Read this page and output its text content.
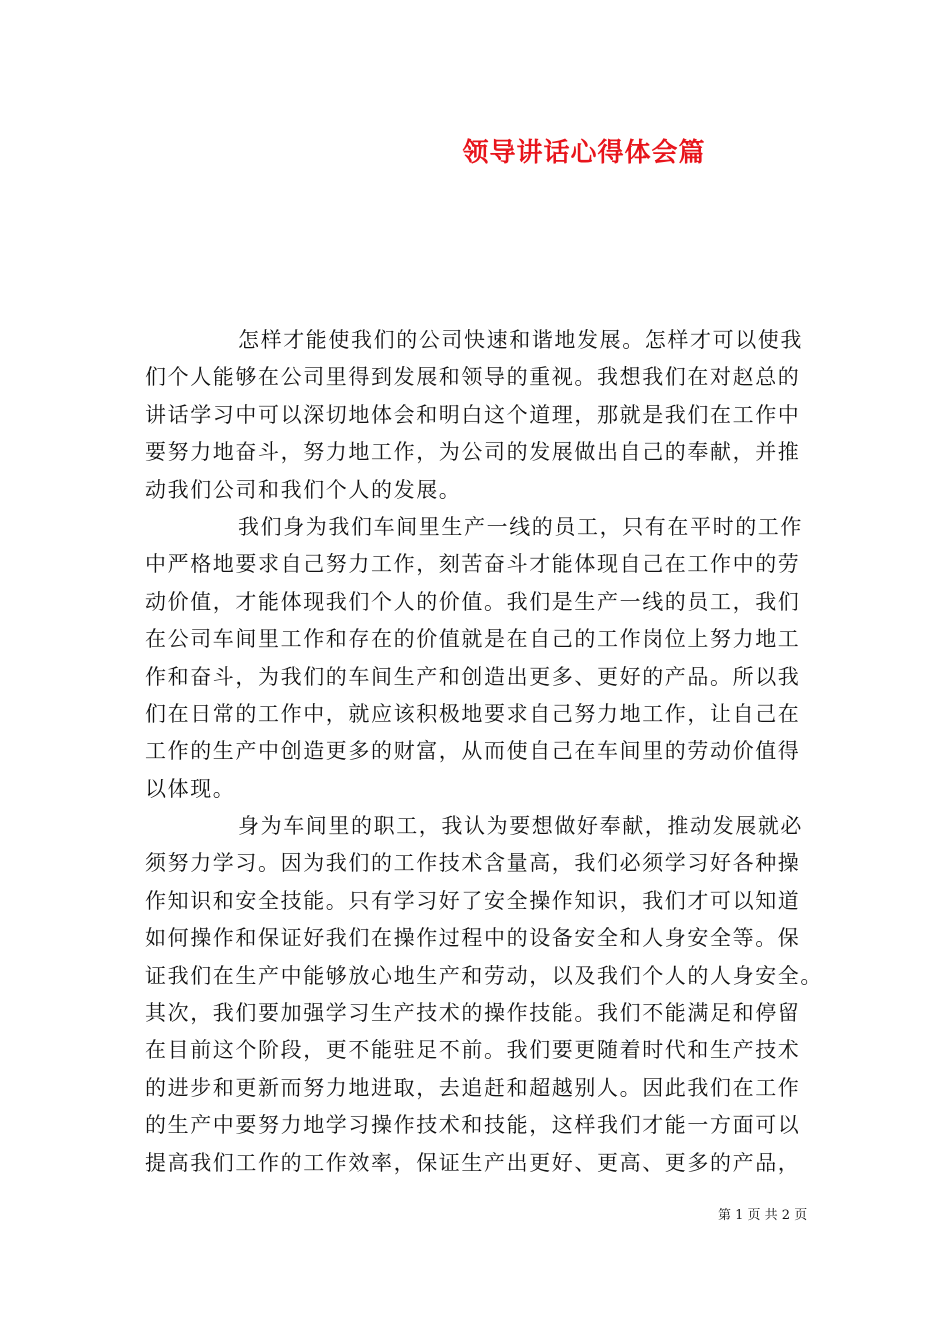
领导讲话心得体会篇
怎样才能使我们的公司快速和谐地发展。怎样才可以使我
们个人能够在公司里得到发展和领导的重视。我想我们在对赵总的
讲话学习中可以深切地体会和明白这个道理，那就是我们在工作中
要努力地奋斗，努力地工作，为公司的发展做出自己的奉献，并推
动我们公司和我们个人的发展。
我们身为我们车间里生产一线的员工，只有在平时的工作
中严格地要求自己努力工作，刻苦奋斗才能体现自己在工作中的劳
动价值，才能体现我们个人的价值。我们是生产一线的员工，我们
在公司车间里工作和存在的价值就是在自己的工作岗位上努力地工
作和奋斗，为我们的车间生产和创造出更多、更好的产品。所以我
们在日常的工作中，就应该积极地要求自己努力地工作，让自己在
工作的生产中创造更多的财富，从而使自己在车间里的劳动价值得
以体现。
身为车间里的职工，我认为要想做好奉献，推动发展就必
须努力学习。因为我们的工作技术含量高，我们必须学习好各种操
作知识和安全技能。只有学习好了安全操作知识，我们才可以知道
如何操作和保证好我们在操作过程中的设备安全和人身安全等。保
证我们在生产中能够放心地生产和劳动，以及我们个人的人身安全。
其次，我们要加强学习生产技术的操作技能。我们不能满足和停留
在目前这个阶段，更不能驻足不前。我们要更随着时代和生产技术
的进步和更新而努力地进取，去追赶和超越别人。因此我们在工作
的生产中要努力地学习操作技术和技能，这样我们才能一方面可以
提高我们工作的工作效率，保证生产出更好、更高、更多的产品，
第 1 页 共 2 页
